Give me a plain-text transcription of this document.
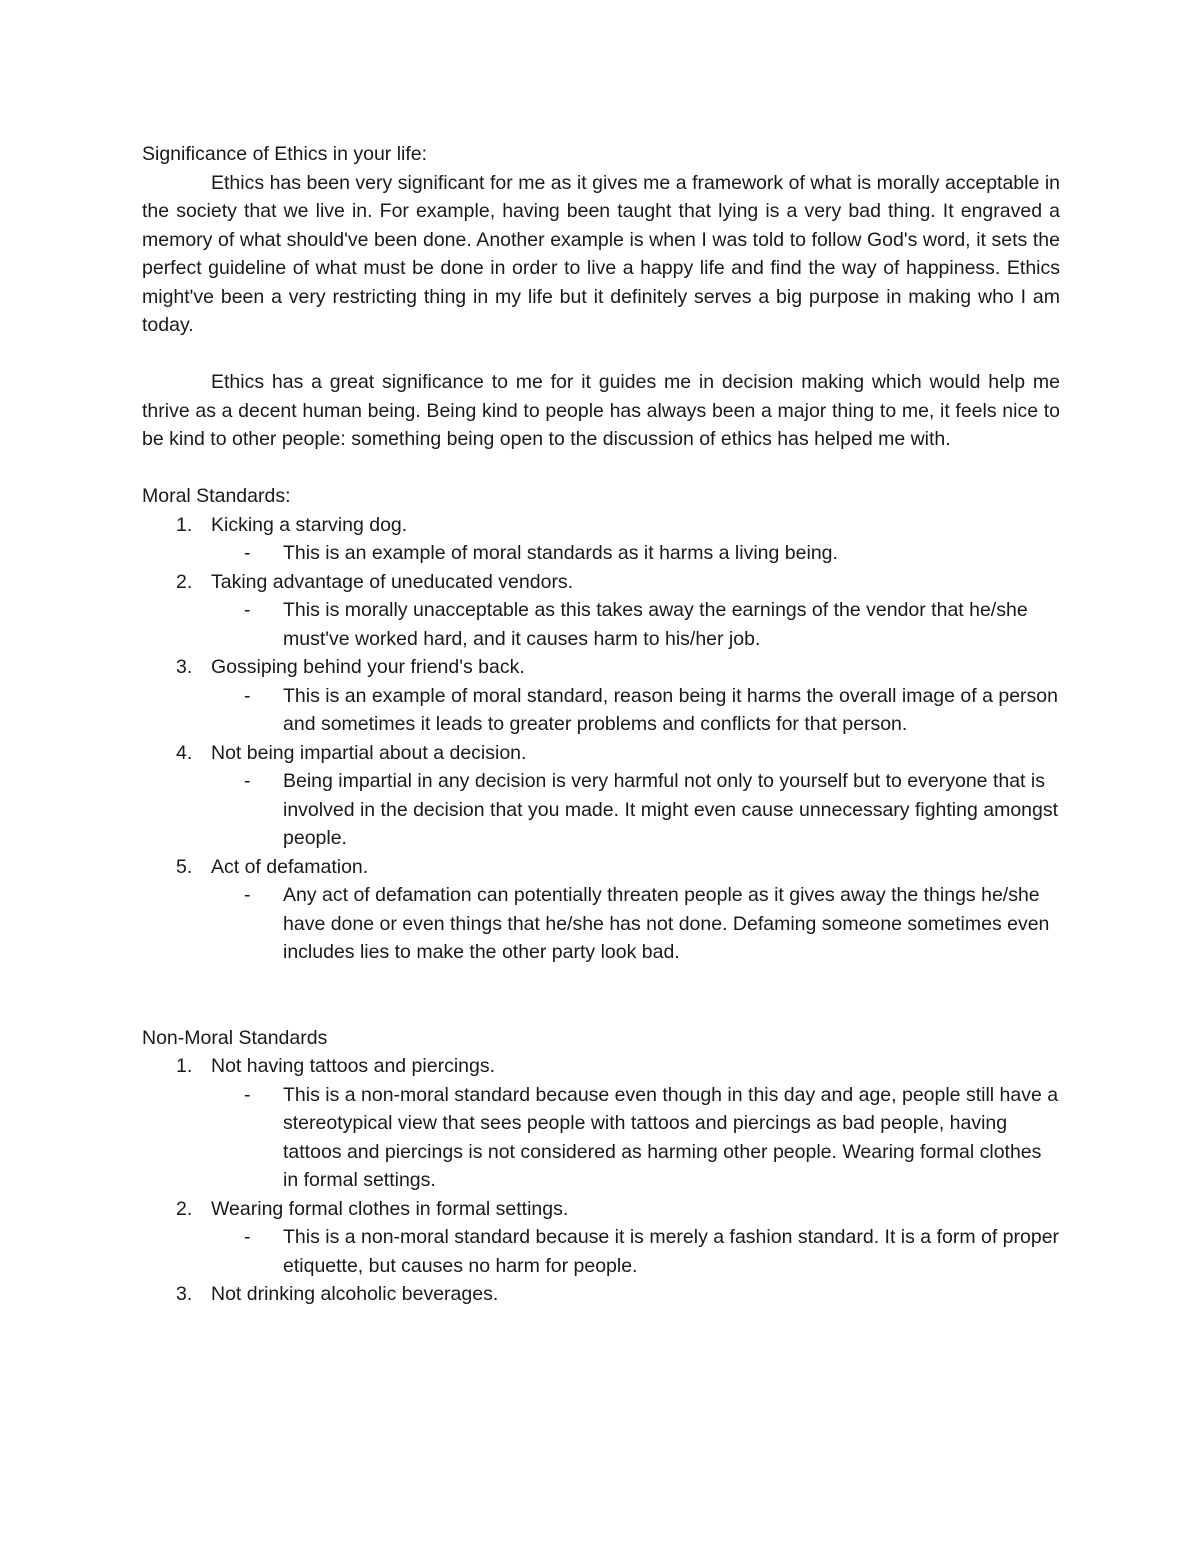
Significance of Ethics in your life:

Ethics has been very significant for me as it gives me a framework of what is morally acceptable in the society that we live in. For example, having been taught that lying is a very bad thing. It engraved a memory of what should've been done. Another example is when I was told to follow God's word, it sets the perfect guideline of what must be done in order to live a happy life and find the way of happiness. Ethics might've been a very restricting thing in my life but it definitely serves a big purpose in making who I am today.

Ethics has a great significance to me for it guides me in decision making which would help me thrive as a decent human being. Being kind to people has always been a major thing to me, it feels nice to be kind to other people: something being open to the discussion of ethics has helped me with.

Moral Standards:

1. Kicking a starving dog.
- This is an example of moral standards as it harms a living being.
2. Taking advantage of uneducated vendors.
- This is morally unacceptable as this takes away the earnings of the vendor that he/she must've worked hard, and it causes harm to his/her job.
3. Gossiping behind your friend's back.
- This is an example of moral standard, reason being it harms the overall image of a person and sometimes it leads to greater problems and conflicts for that person.
4. Not being impartial about a decision.
- Being impartial in any decision is very harmful not only to yourself but to everyone that is involved in the decision that you made. It might even cause unnecessary fighting amongst people.
5. Act of defamation.
- Any act of defamation can potentially threaten people as it gives away the things he/she have done or even things that he/she has not done. Defaming someone sometimes even includes lies to make the other party look bad.

Non-Moral Standards

1. Not having tattoos and piercings.
- This is a non-moral standard because even though in this day and age, people still have a stereotypical view that sees people with tattoos and piercings as bad people, having tattoos and piercings is not considered as harming other people. Wearing formal clothes in formal settings.
2. Wearing formal clothes in formal settings.
- This is a non-moral standard because it is merely a fashion standard. It is a form of proper etiquette, but causes no harm for people.
3. Not drinking alcoholic beverages.
